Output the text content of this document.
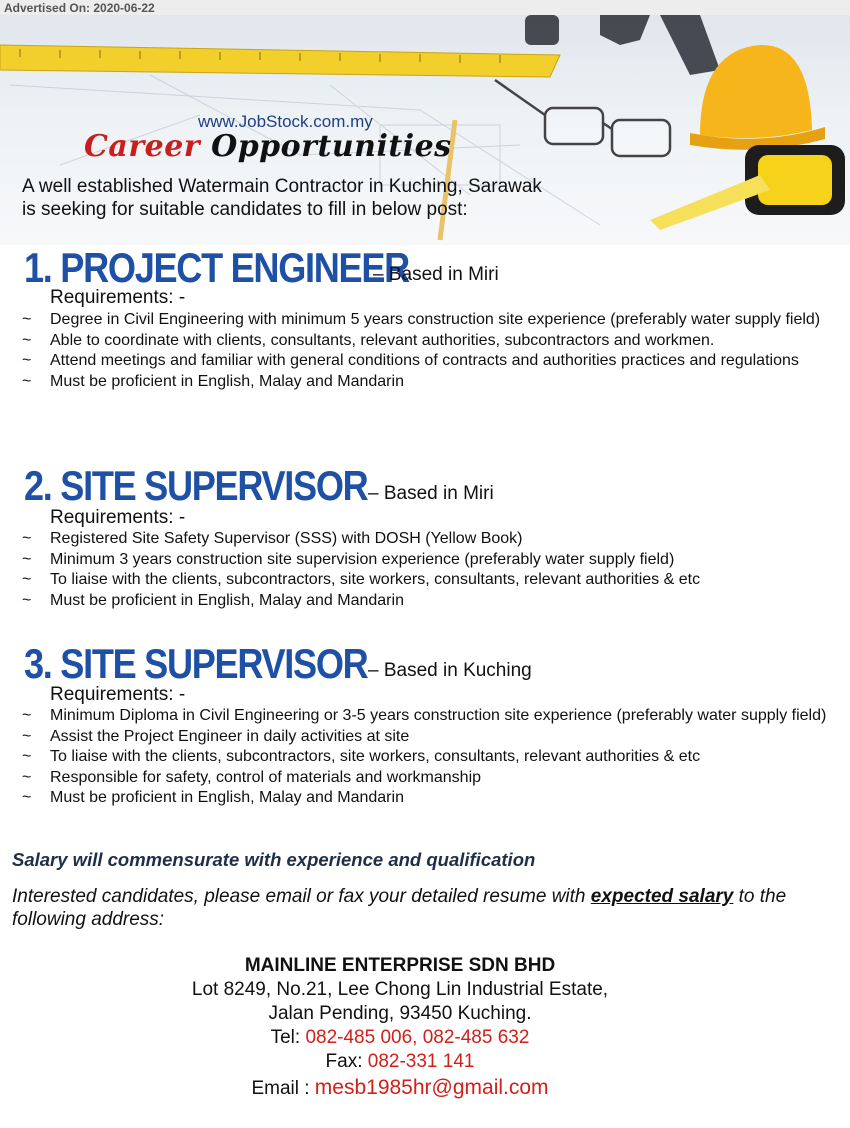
Advertised On: 2020-06-22
www.JobStock.com.my
Career Opportunities
A well established Watermain Contractor in Kuching, Sarawak
is seeking for suitable candidates to fill in below post:
1. PROJECT ENGINEER
– Based in Miri
Requirements: -
~ Degree in Civil Engineering with minimum 5 years construction site experience (preferably water supply field)
~ Able to coordinate with clients, consultants, relevant authorities, subcontractors and workmen.
~ Attend meetings and familiar with general conditions of contracts and authorities practices and regulations
~ Must be proficient in English, Malay and Mandarin
2. SITE SUPERVISOR – Based in Miri
Requirements: -
~ Registered Site Safety Supervisor (SSS) with DOSH (Yellow Book)
~ Minimum 3 years construction site supervision experience (preferably water supply field)
~ To liaise with the clients, subcontractors, site workers, consultants, relevant authorities & etc
~ Must be proficient in English, Malay and Mandarin
3. SITE SUPERVISOR – Based in Kuching
Requirements: -
~ Minimum Diploma in Civil Engineering or 3-5 years construction site experience (preferably water supply field)
~ Assist the Project Engineer in daily activities at site
~ To liaise with the clients, subcontractors, site workers, consultants, relevant authorities & etc
~ Responsible for safety, control of materials and workmanship
~ Must be proficient in English, Malay and Mandarin
Salary will commensurate with experience and qualification
Interested candidates, please email or fax your detailed resume with expected salary to the following address:
MAINLINE ENTERPRISE SDN BHD
Lot 8249, No.21, Lee Chong Lin Industrial Estate,
Jalan Pending, 93450 Kuching.
Tel: 082-485 006, 082-485 632
Fax: 082-331 141
Email : mesb1985hr@gmail.com
